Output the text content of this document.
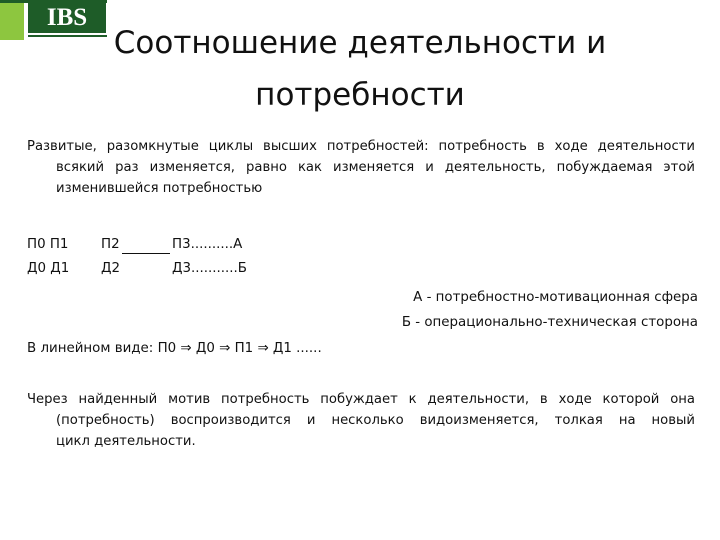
IBS
Соотношение деятельности и
потребности
Развитые, разомкнутые циклы высших потребностей: потребность в ходе деятельности
всякий раз изменяется, равно как изменяется и деятельность, побуждаемая этой
изменившейся потребностью
П0 П1 П2	П3..........А
Д0 Д1 Д2	Д3...........Б
А - потребностно-мотивационная сфера
Б - операционально-техническая сторона
В линейном виде: П0 ⇒ Д0 ⇒ П1 ⇒ Д1 ......
Через найденный мотив потребность побуждает к деятельности, в ходе которой она
(потребность) воспроизводится и несколько видоизменяется, толкая на новый
цикл деятельности.
